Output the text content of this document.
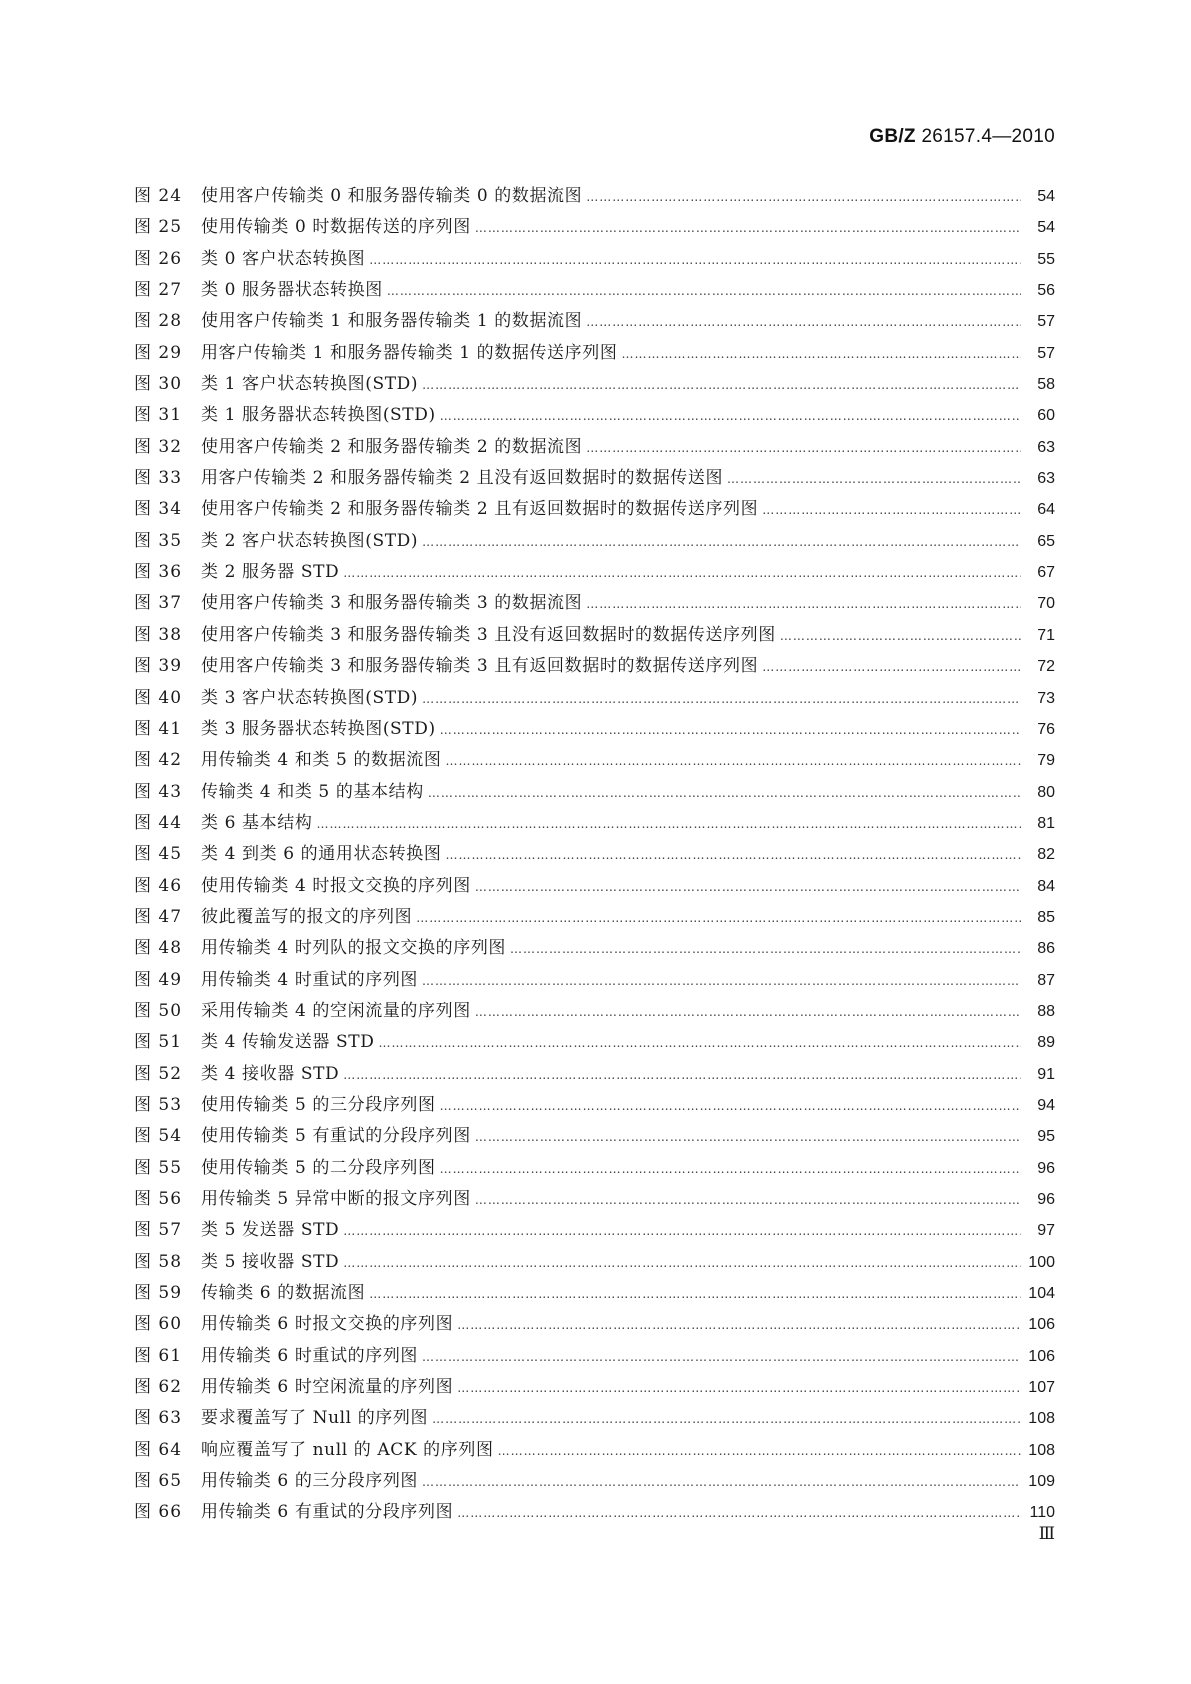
GB/Z 26157.4—2010
图 24	使用客户传输类 0 和服务器传输类 0 的数据流图 ……………………………………………………………………………………………………………………………………………………………………………………………………………………………………	54
图 25	使用传输类 0 时数据传送的序列图 ……………………………………………………………………………………………………………………………………………………………………………………………………………………………………	54
图 26	类 0 客户状态转换图 ……………………………………………………………………………………………………………………………………………………………………………………………………………………………………	55
图 27	类 0 服务器状态转换图 ……………………………………………………………………………………………………………………………………………………………………………………………………………………………………	56
图 28	使用客户传输类 1 和服务器传输类 1 的数据流图 ……………………………………………………………………………………………………………………………………………………………………………………………………………………………………	57
图 29	用客户传输类 1 和服务器传输类 1 的数据传送序列图 ……………………………………………………………………………………………………………………………………………………………………………………………………………………………………	57
图 30	类 1 客户状态转换图(STD) ……………………………………………………………………………………………………………………………………………………………………………………………………………………………………	58
图 31	类 1 服务器状态转换图(STD) ……………………………………………………………………………………………………………………………………………………………………………………………………………………………………	60
图 32	使用客户传输类 2 和服务器传输类 2 的数据流图 ……………………………………………………………………………………………………………………………………………………………………………………………………………………………………	63
图 33	用客户传输类 2 和服务器传输类 2 且没有返回数据时的数据传送图 ……………………………………………………………………………………………………………………………………………………………………………………………………………………………………	63
图 34	使用客户传输类 2 和服务器传输类 2 且有返回数据时的数据传送序列图 ……………………………………………………………………………………………………………………………………………………………………………………………………………………………………	64
图 35	类 2 客户状态转换图(STD) ……………………………………………………………………………………………………………………………………………………………………………………………………………………………………	65
图 36	类 2 服务器 STD ……………………………………………………………………………………………………………………………………………………………………………………………………………………………………	67
图 37	使用客户传输类 3 和服务器传输类 3 的数据流图 ……………………………………………………………………………………………………………………………………………………………………………………………………………………………………	70
图 38	使用客户传输类 3 和服务器传输类 3 且没有返回数据时的数据传送序列图 ……………………………………………………………………………………………………………………………………………………………………………………………………………………………………	71
图 39	使用客户传输类 3 和服务器传输类 3 且有返回数据时的数据传送序列图 ……………………………………………………………………………………………………………………………………………………………………………………………………………………………………	72
图 40	类 3 客户状态转换图(STD) ……………………………………………………………………………………………………………………………………………………………………………………………………………………………………	73
图 41	类 3 服务器状态转换图(STD) ……………………………………………………………………………………………………………………………………………………………………………………………………………………………………	76
图 42	用传输类 4 和类 5 的数据流图 ……………………………………………………………………………………………………………………………………………………………………………………………………………………………………	79
图 43	传输类 4 和类 5 的基本结构 ……………………………………………………………………………………………………………………………………………………………………………………………………………………………………	80
图 44	类 6 基本结构 ……………………………………………………………………………………………………………………………………………………………………………………………………………………………………	81
图 45	类 4 到类 6 的通用状态转换图 ……………………………………………………………………………………………………………………………………………………………………………………………………………………………………	82
图 46	使用传输类 4 时报文交换的序列图 ……………………………………………………………………………………………………………………………………………………………………………………………………………………………………	84
图 47	彼此覆盖写的报文的序列图 ……………………………………………………………………………………………………………………………………………………………………………………………………………………………………	85
图 48	用传输类 4 时列队的报文交换的序列图 ……………………………………………………………………………………………………………………………………………………………………………………………………………………………………	86
图 49	用传输类 4 时重试的序列图 ……………………………………………………………………………………………………………………………………………………………………………………………………………………………………	87
图 50	采用传输类 4 的空闲流量的序列图 ……………………………………………………………………………………………………………………………………………………………………………………………………………………………………	88
图 51	类 4 传输发送器 STD ……………………………………………………………………………………………………………………………………………………………………………………………………………………………………	89
图 52	类 4 接收器 STD ……………………………………………………………………………………………………………………………………………………………………………………………………………………………………	91
图 53	使用传输类 5 的三分段序列图 ……………………………………………………………………………………………………………………………………………………………………………………………………………………………………	94
图 54	使用传输类 5 有重试的分段序列图 ……………………………………………………………………………………………………………………………………………………………………………………………………………………………………	95
图 55	使用传输类 5 的二分段序列图 ……………………………………………………………………………………………………………………………………………………………………………………………………………………………………	96
图 56	用传输类 5 异常中断的报文序列图 ……………………………………………………………………………………………………………………………………………………………………………………………………………………………………	96
图 57	类 5 发送器 STD ……………………………………………………………………………………………………………………………………………………………………………………………………………………………………	97
图 58	类 5 接收器 STD ……………………………………………………………………………………………………………………………………………………………………………………………………………………………………	100
图 59	传输类 6 的数据流图 ……………………………………………………………………………………………………………………………………………………………………………………………………………………………………	104
图 60	用传输类 6 时报文交换的序列图 ……………………………………………………………………………………………………………………………………………………………………………………………………………………………………	106
图 61	用传输类 6 时重试的序列图 ……………………………………………………………………………………………………………………………………………………………………………………………………………………………………	106
图 62	用传输类 6 时空闲流量的序列图 ……………………………………………………………………………………………………………………………………………………………………………………………………………………………………	107
图 63	要求覆盖写了 Null 的序列图 ……………………………………………………………………………………………………………………………………………………………………………………………………………………………………	108
图 64	响应覆盖写了 null 的 ACK 的序列图 ……………………………………………………………………………………………………………………………………………………………………………………………………………………………………	108
图 65	用传输类 6 的三分段序列图 ……………………………………………………………………………………………………………………………………………………………………………………………………………………………………	109
图 66	用传输类 6 有重试的分段序列图 ……………………………………………………………………………………………………………………………………………………………………………………………………………………………………	110
Ⅲ
